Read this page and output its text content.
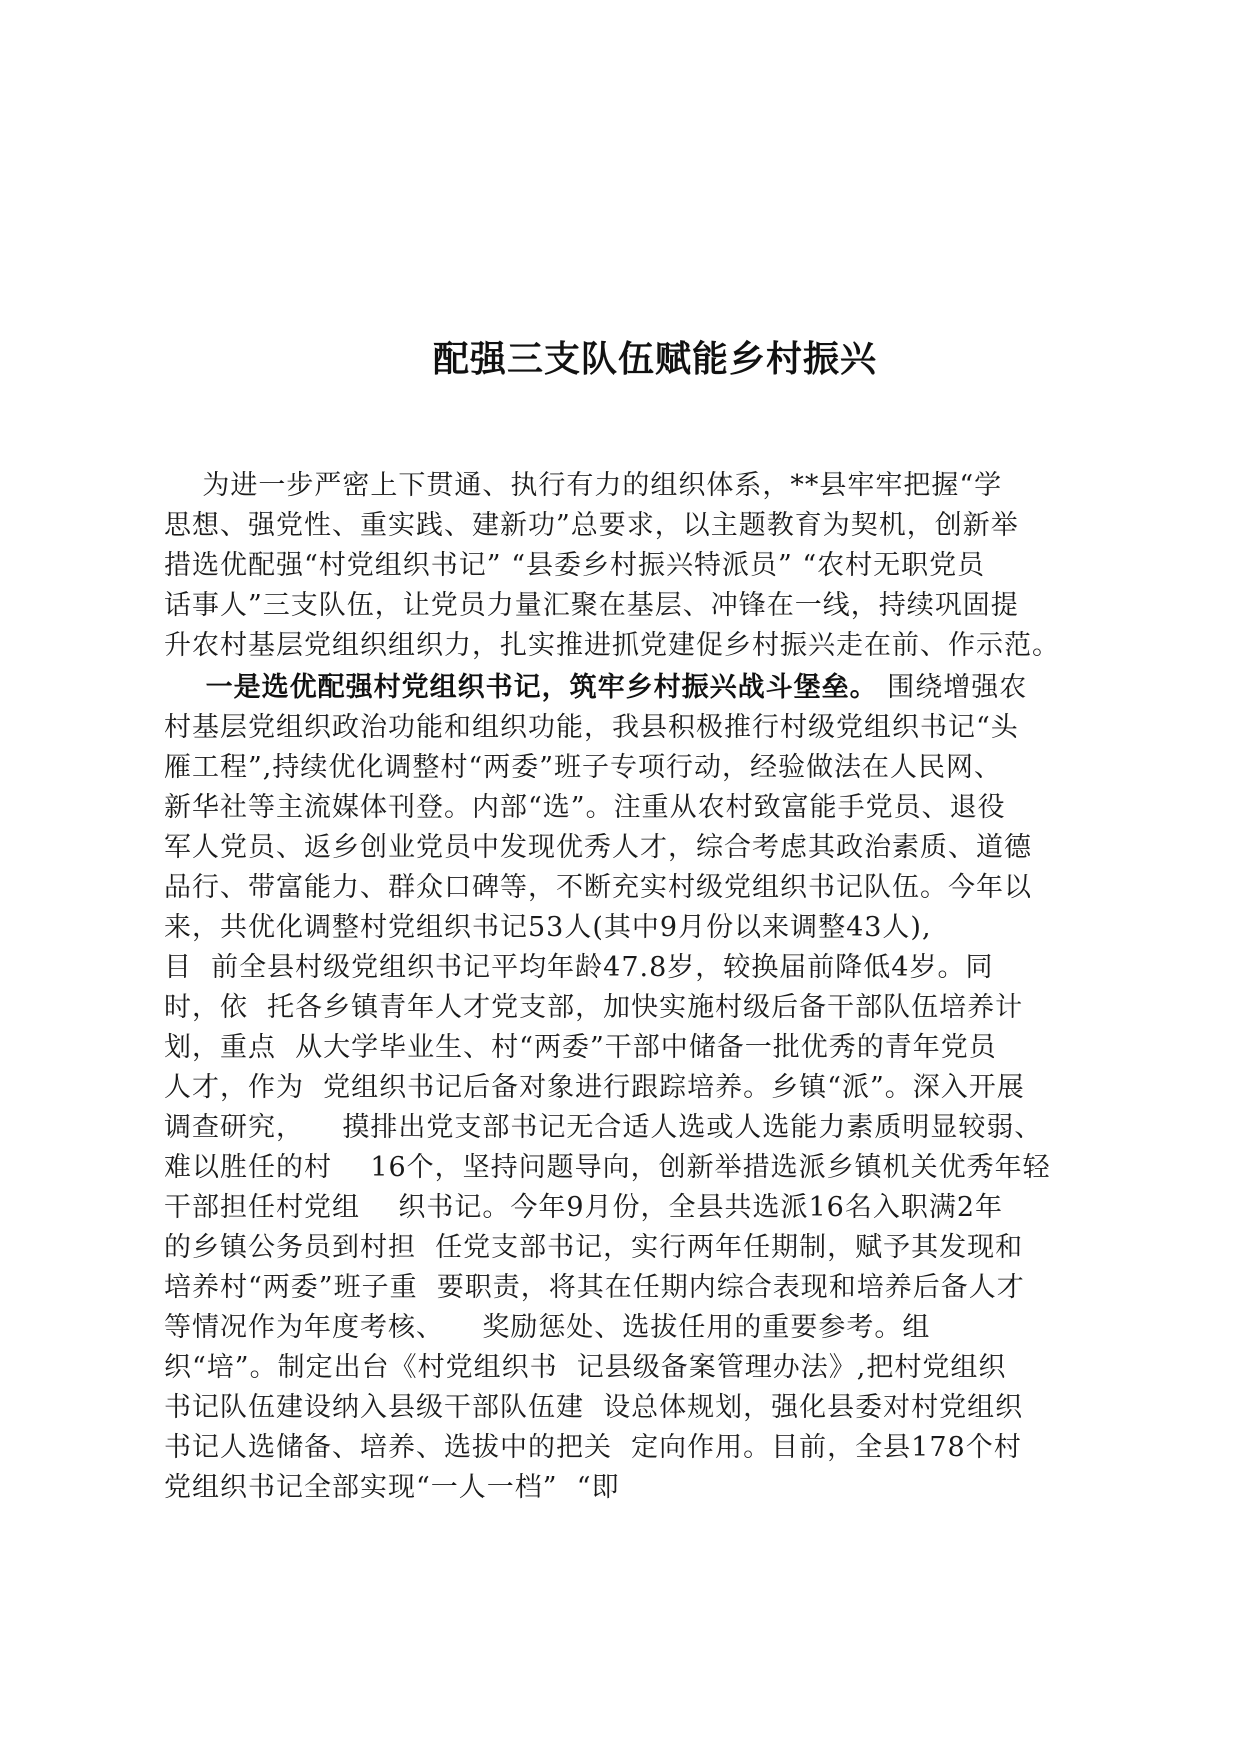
配强三支队伍赋能乡村振兴
为进一步严密上下贯通、执行有力的组织体系，**县牢牢把握“学
思想、强党性、重实践、建新功”总要求，以主题教育为契机，创新举
措选优配强“村党组织书记” “县委乡村振兴特派员” “农村无职党员
话事人”三支队伍，让党员力量汇聚在基层、冲锋在一线，持续巩固提
升农村基层党组织组织力，扎实推进抓党建促乡村振兴走在前、作示范。
一是选优配强村党组织书记，筑牢乡村振兴战斗堡垒。 围绕增强农
村基层党组织政治功能和组织功能，我县积极推行村级党组织书记“头
雁工程”,持续优化调整村“两委”班子专项行动，经验做法在人民网、
新华社等主流媒体刊登。内部“选”。注重从农村致富能手党员、退役
军人党员、返乡创业党员中发现优秀人才，综合考虑其政治素质、道德
品行、带富能力、群众口碑等，不断充实村级党组织书记队伍。今年以
来，共优化调整村党组织书记53人(其中9月份以来调整43人),
目  前全县村级党组织书记平均年龄47.8岁，较换届前降低4岁。同
时，依  托各乡镇青年人才党支部，加快实施村级后备干部队伍培养计
划，重点  从大学毕业生、村“两委”干部中储备一批优秀的青年党员
人才，作为  党组织书记后备对象进行跟踪培养。乡镇“派”。深入开展
调查研究，    摸排出党支部书记无合适人选或人选能力素质明显较弱、
难以胜任的村    16个，坚持问题导向，创新举措选派乡镇机关优秀年轻
干部担任村党组    织书记。今年9月份，全县共选派16名入职满2年
的乡镇公务员到村担  任党支部书记，实行两年任期制，赋予其发现和
培养村“两委”班子重  要职责，将其在任期内综合表现和培养后备人才
等情况作为年度考核、    奖励惩处、选拔任用的重要参考。组
织“培”。制定出台《村党组织书  记县级备案管理办法》,把村党组织
书记队伍建设纳入县级干部队伍建  设总体规划，强化县委对村党组织
书记人选储备、培养、选拔中的把关  定向作用。目前，全县178个村
党组织书记全部实现“一人一档”  “即
